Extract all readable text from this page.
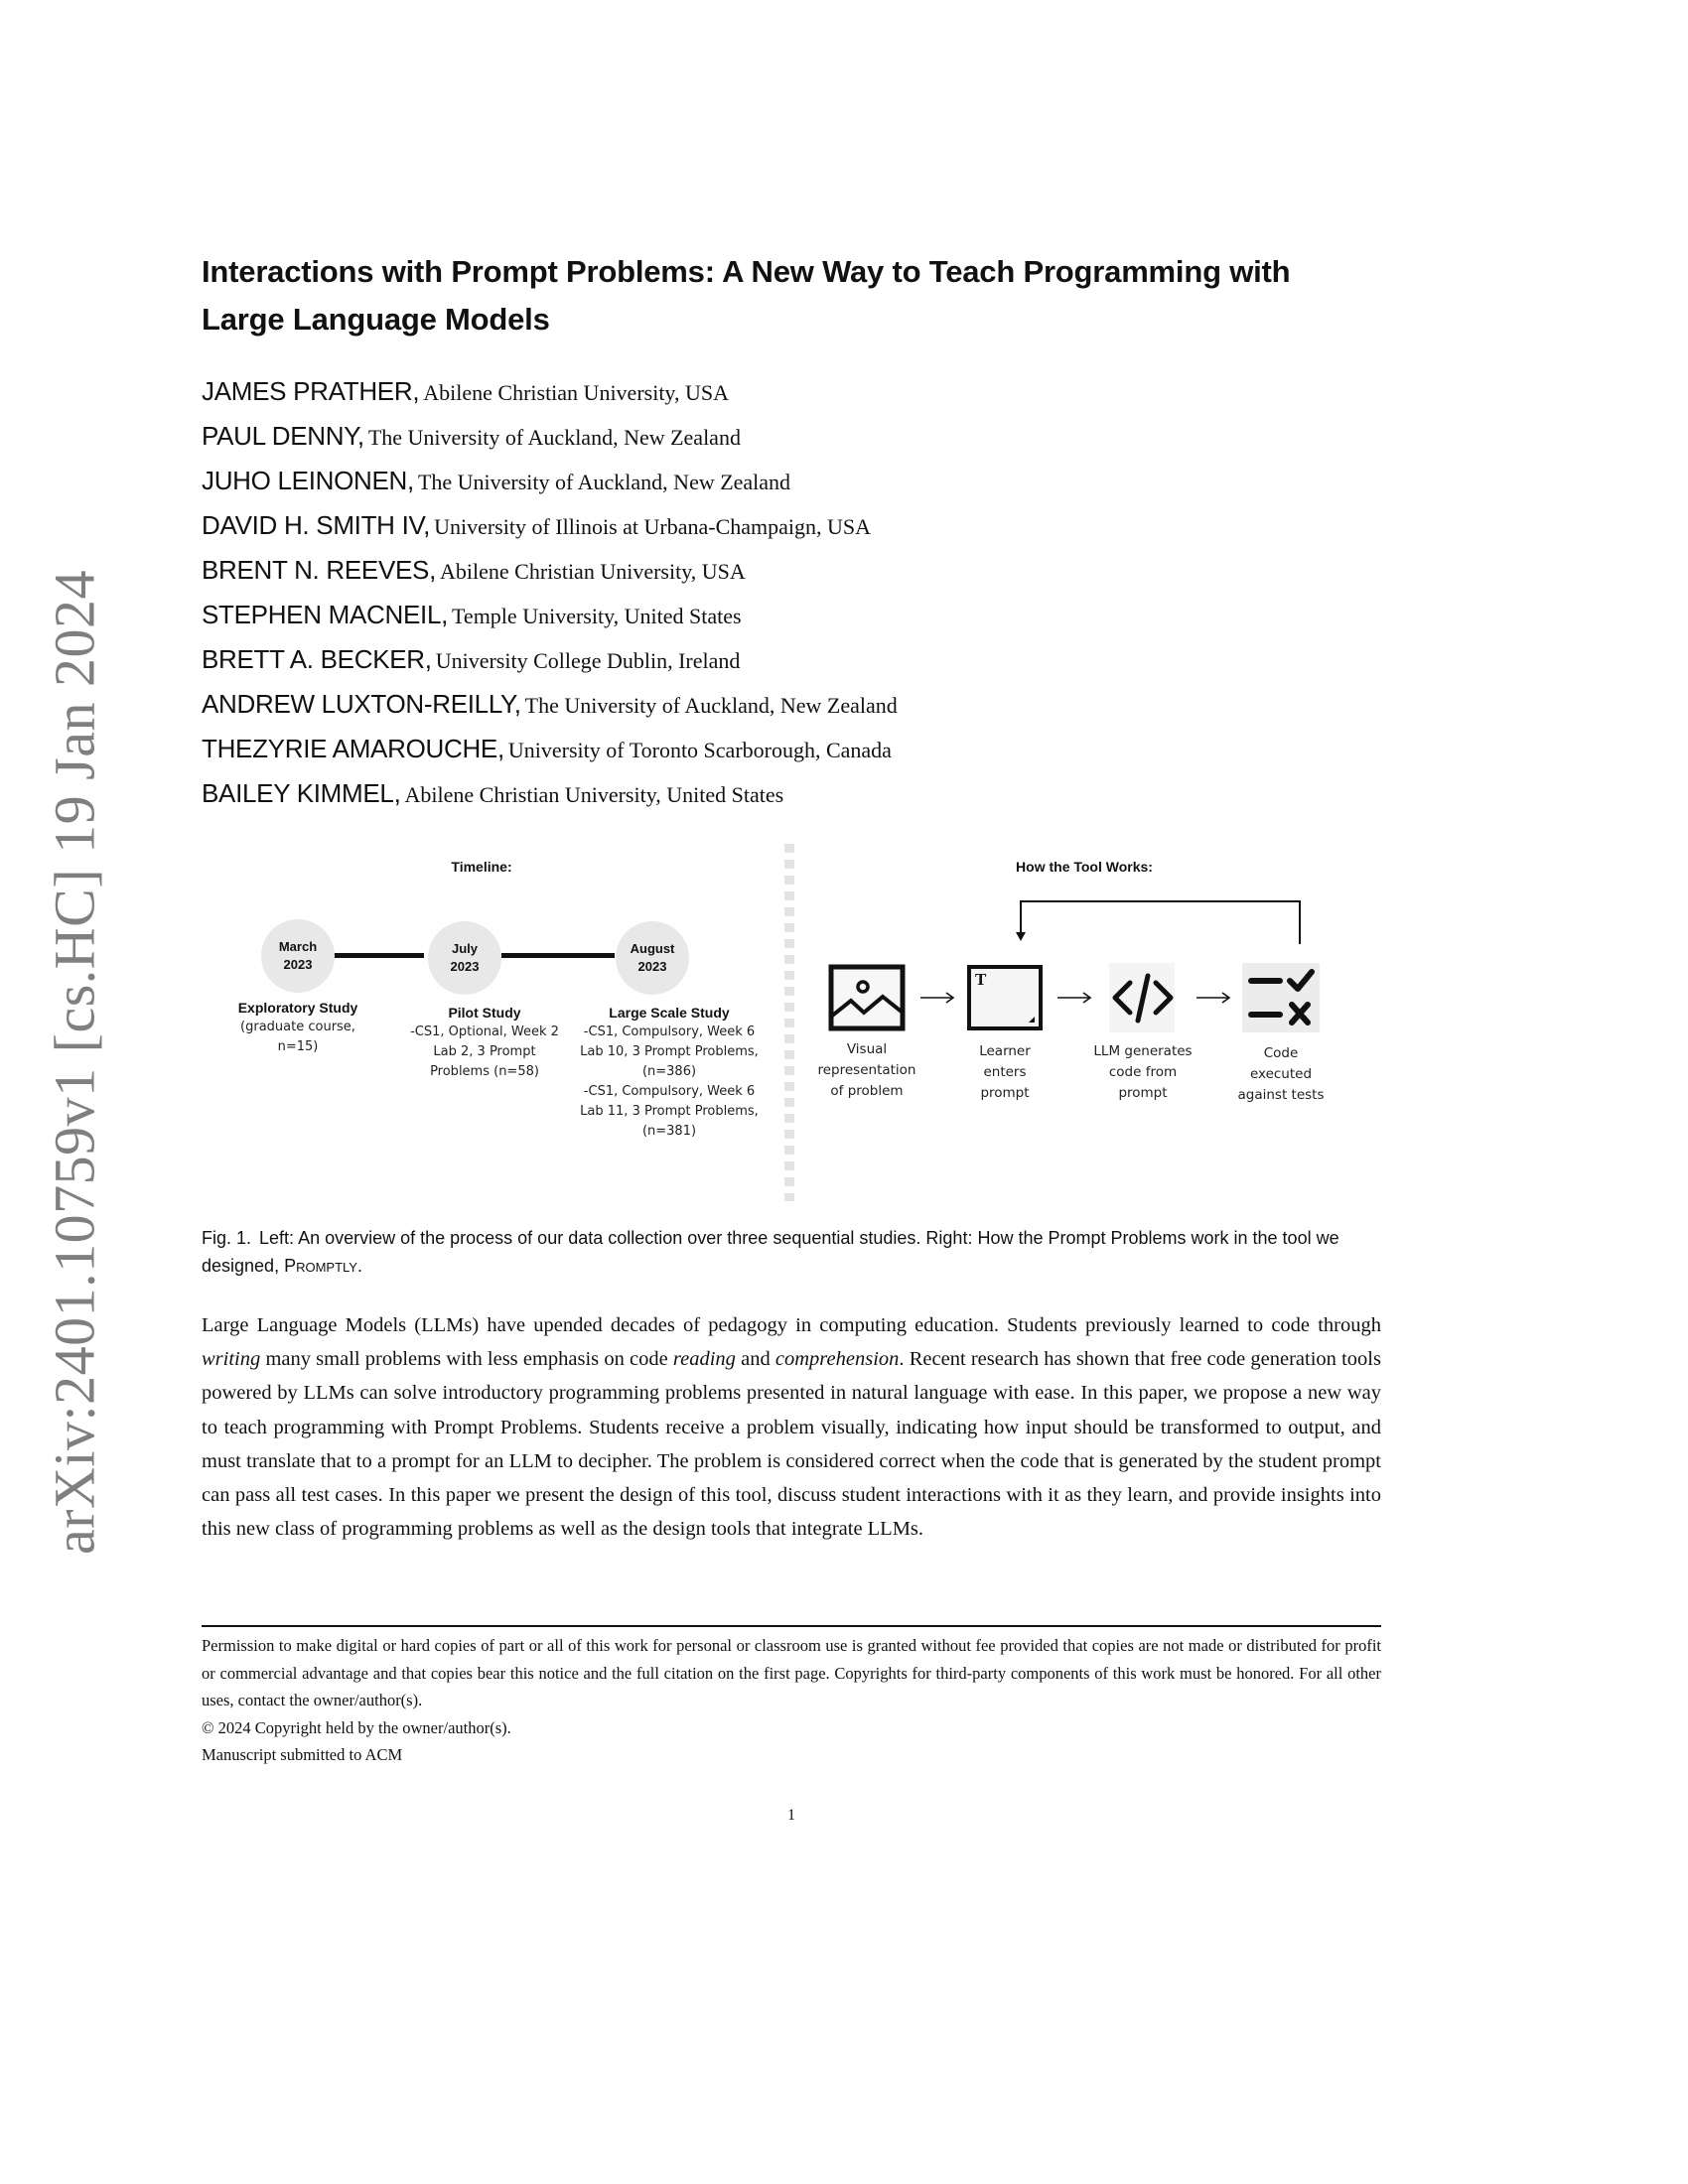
arXiv:2401.10759v1 [cs.HC] 19 Jan 2024
Interactions with Prompt Problems: A New Way to Teach Programming with
Large Language Models
JAMES PRATHER, Abilene Christian University, USA
PAUL DENNY, The University of Auckland, New Zealand
JUHO LEINONEN, The University of Auckland, New Zealand
DAVID H. SMITH IV, University of Illinois at Urbana-Champaign, USA
BRENT N. REEVES, Abilene Christian University, USA
STEPHEN MACNEIL, Temple University, United States
BRETT A. BECKER, University College Dublin, Ireland
ANDREW LUXTON-REILLY, The University of Auckland, New Zealand
THEZYRIE AMAROUCHE, University of Toronto Scarborough, Canada
BAILEY KIMMEL, Abilene Christian University, United States
Timeline:
March
2023
July
2023
August
2023
Exploratory Study
(graduate course,
n=15)
Pilot Study
-CS1, Optional, Week 2
Lab 2, 3 Prompt
Problems (n=58)
Large Scale Study
-CS1, Compulsory, Week 6
Lab 10, 3 Prompt Problems,
(n=386)
-CS1, Compulsory, Week 6
Lab 11, 3 Prompt Problems,
(n=381)
How the Tool Works:
T
Visual
representation
of problem
Learner
enters
prompt
LLM generates
code from
prompt
Code
executed
against tests
Fig. 1. Left: An overview of the process of our data collection over three sequential studies. Right: How the Prompt Problems work in the tool we designed, Promptly.
Large Language Models (LLMs) have upended decades of pedagogy in computing education. Students previously learned to code through writing many small problems with less emphasis on code reading and comprehension. Recent research has shown that free code generation tools powered by LLMs can solve introductory programming problems presented in natural language with ease. In this paper, we propose a new way to teach programming with Prompt Problems. Students receive a problem visually, indicating how input should be transformed to output, and must translate that to a prompt for an LLM to decipher. The problem is considered correct when the code that is generated by the student prompt can pass all test cases. In this paper we present the design of this tool, discuss student interactions with it as they learn, and provide insights into this new class of programming problems as well as the design tools that integrate LLMs.

Permission to make digital or hard copies of part or all of this work for personal or classroom use is granted without fee provided that copies are not made or distributed for profit or commercial advantage and that copies bear this notice and the full citation on the first page. Copyrights for third-party components of this work must be honored. For all other uses, contact the owner/author(s).

© 2024 Copyright held by the owner/author(s).

Manuscript submitted to ACM

1
